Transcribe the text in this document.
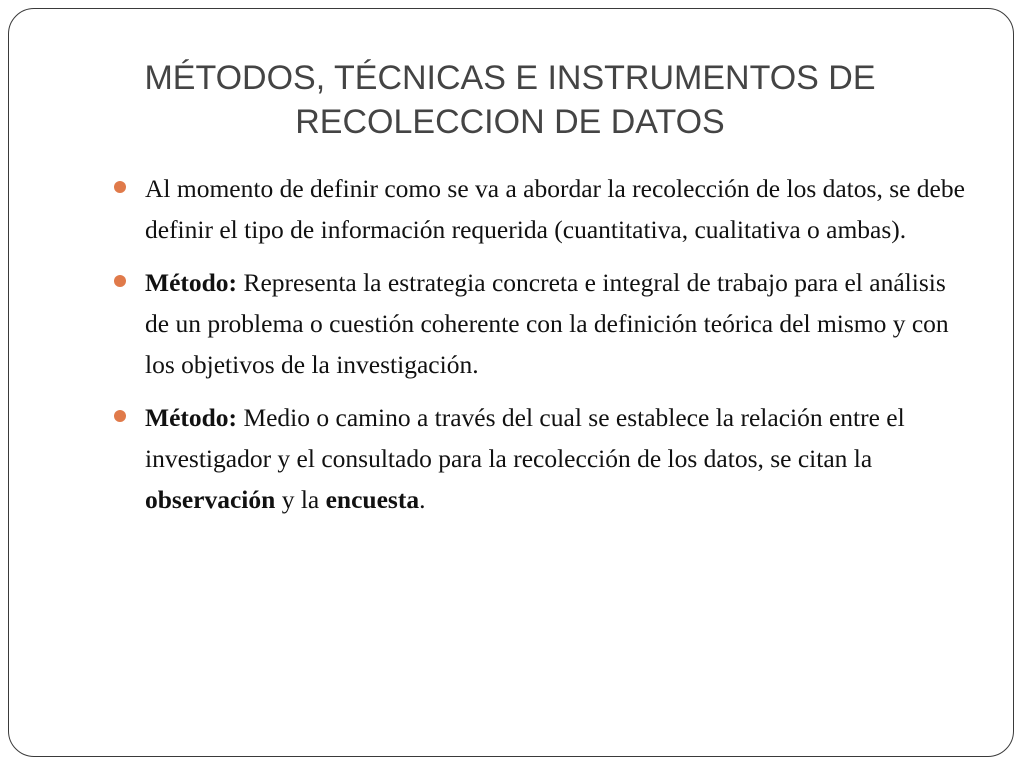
MÉTODOS, TÉCNICAS E INSTRUMENTOS DE
RECOLECCION DE DATOS
Al momento de definir como se va a abordar la recolección de los datos, se debe definir el tipo de información requerida (cuantitativa, cualitativa o ambas).
Método: Representa la estrategia concreta e integral de trabajo para el análisis de un problema o cuestión coherente con la definición teórica del mismo y con los objetivos de la investigación.
Método: Medio o camino a través del cual se establece la relación entre el investigador y el consultado para la recolección de los datos, se citan la observación y la encuesta.
